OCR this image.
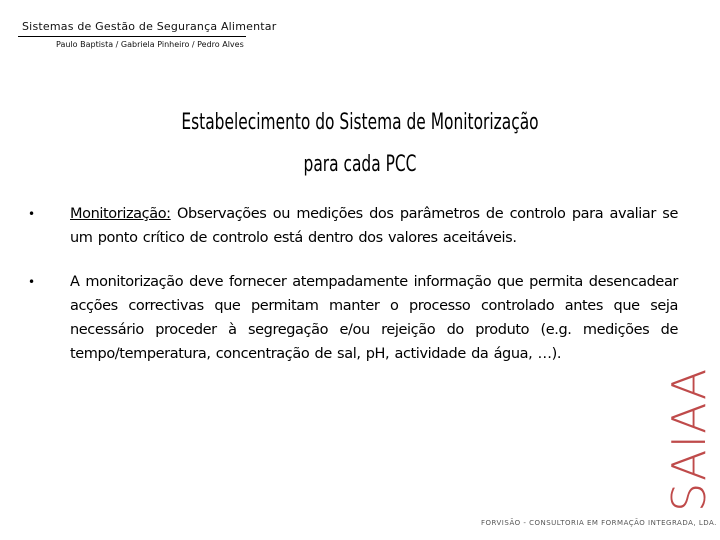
Sistemas de Gestão de Segurança Alimentar
Paulo Baptista / Gabriela Pinheiro / Pedro Alves
Estabelecimento do Sistema de Monitorização
para cada PCC
•	Monitorização: Observações ou medições dos parâmetros de controlo para avaliar se um ponto crítico de controlo está dentro dos valores aceitáveis.
•	A monitorização deve fornecer atempadamente informação que permita desencadear acções correctivas que permitam manter o processo controlado antes que seja necessário proceder à segregação e/ou rejeição do produto (e.g. medições de tempo/temperatura, concentração de sal, pH, actividade da água, …).
SAIAA
FORVISÃO - CONSULTORIA EM FORMAÇÃO INTEGRADA, LDA.
